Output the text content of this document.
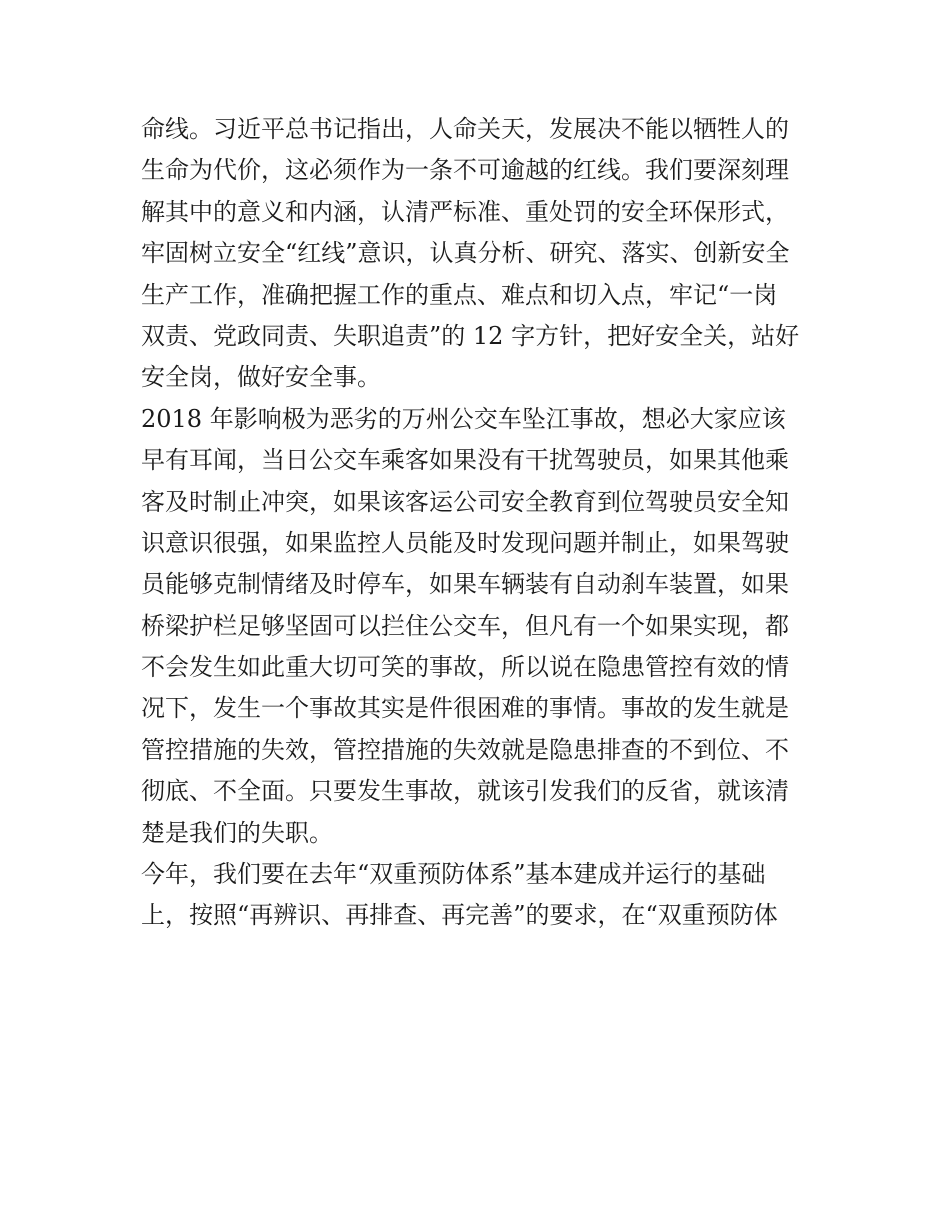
命线。习近平总书记指出，人命关天，发展决不能以牺牲人的
生命为代价，这必须作为一条不可逾越的红线。我们要深刻理
解其中的意义和内涵，认清严标准、重处罚的安全环保形式，
牢固树立安全“红线”意识，认真分析、研究、落实、创新安全
生产工作，准确把握工作的重点、难点和切入点，牢记“一岗
双责、党政同责、失职追责”的 12 字方针，把好安全关，站好
安全岗，做好安全事。
2018 年影响极为恶劣的万州公交车坠江事故，想必大家应该
早有耳闻，当日公交车乘客如果没有干扰驾驶员，如果其他乘
客及时制止冲突，如果该客运公司安全教育到位驾驶员安全知
识意识很强，如果监控人员能及时发现问题并制止，如果驾驶
员能够克制情绪及时停车，如果车辆装有自动刹车装置，如果
桥梁护栏足够坚固可以拦住公交车，但凡有一个如果实现，都
不会发生如此重大切可笑的事故，所以说在隐患管控有效的情
况下，发生一个事故其实是件很困难的事情。事故的发生就是
管控措施的失效，管控措施的失效就是隐患排查的不到位、不
彻底、不全面。只要发生事故，就该引发我们的反省，就该清
楚是我们的失职。
今年，我们要在去年“双重预防体系”基本建成并运行的基础
上，按照“再辨识、再排查、再完善”的要求，在“双重预防体
